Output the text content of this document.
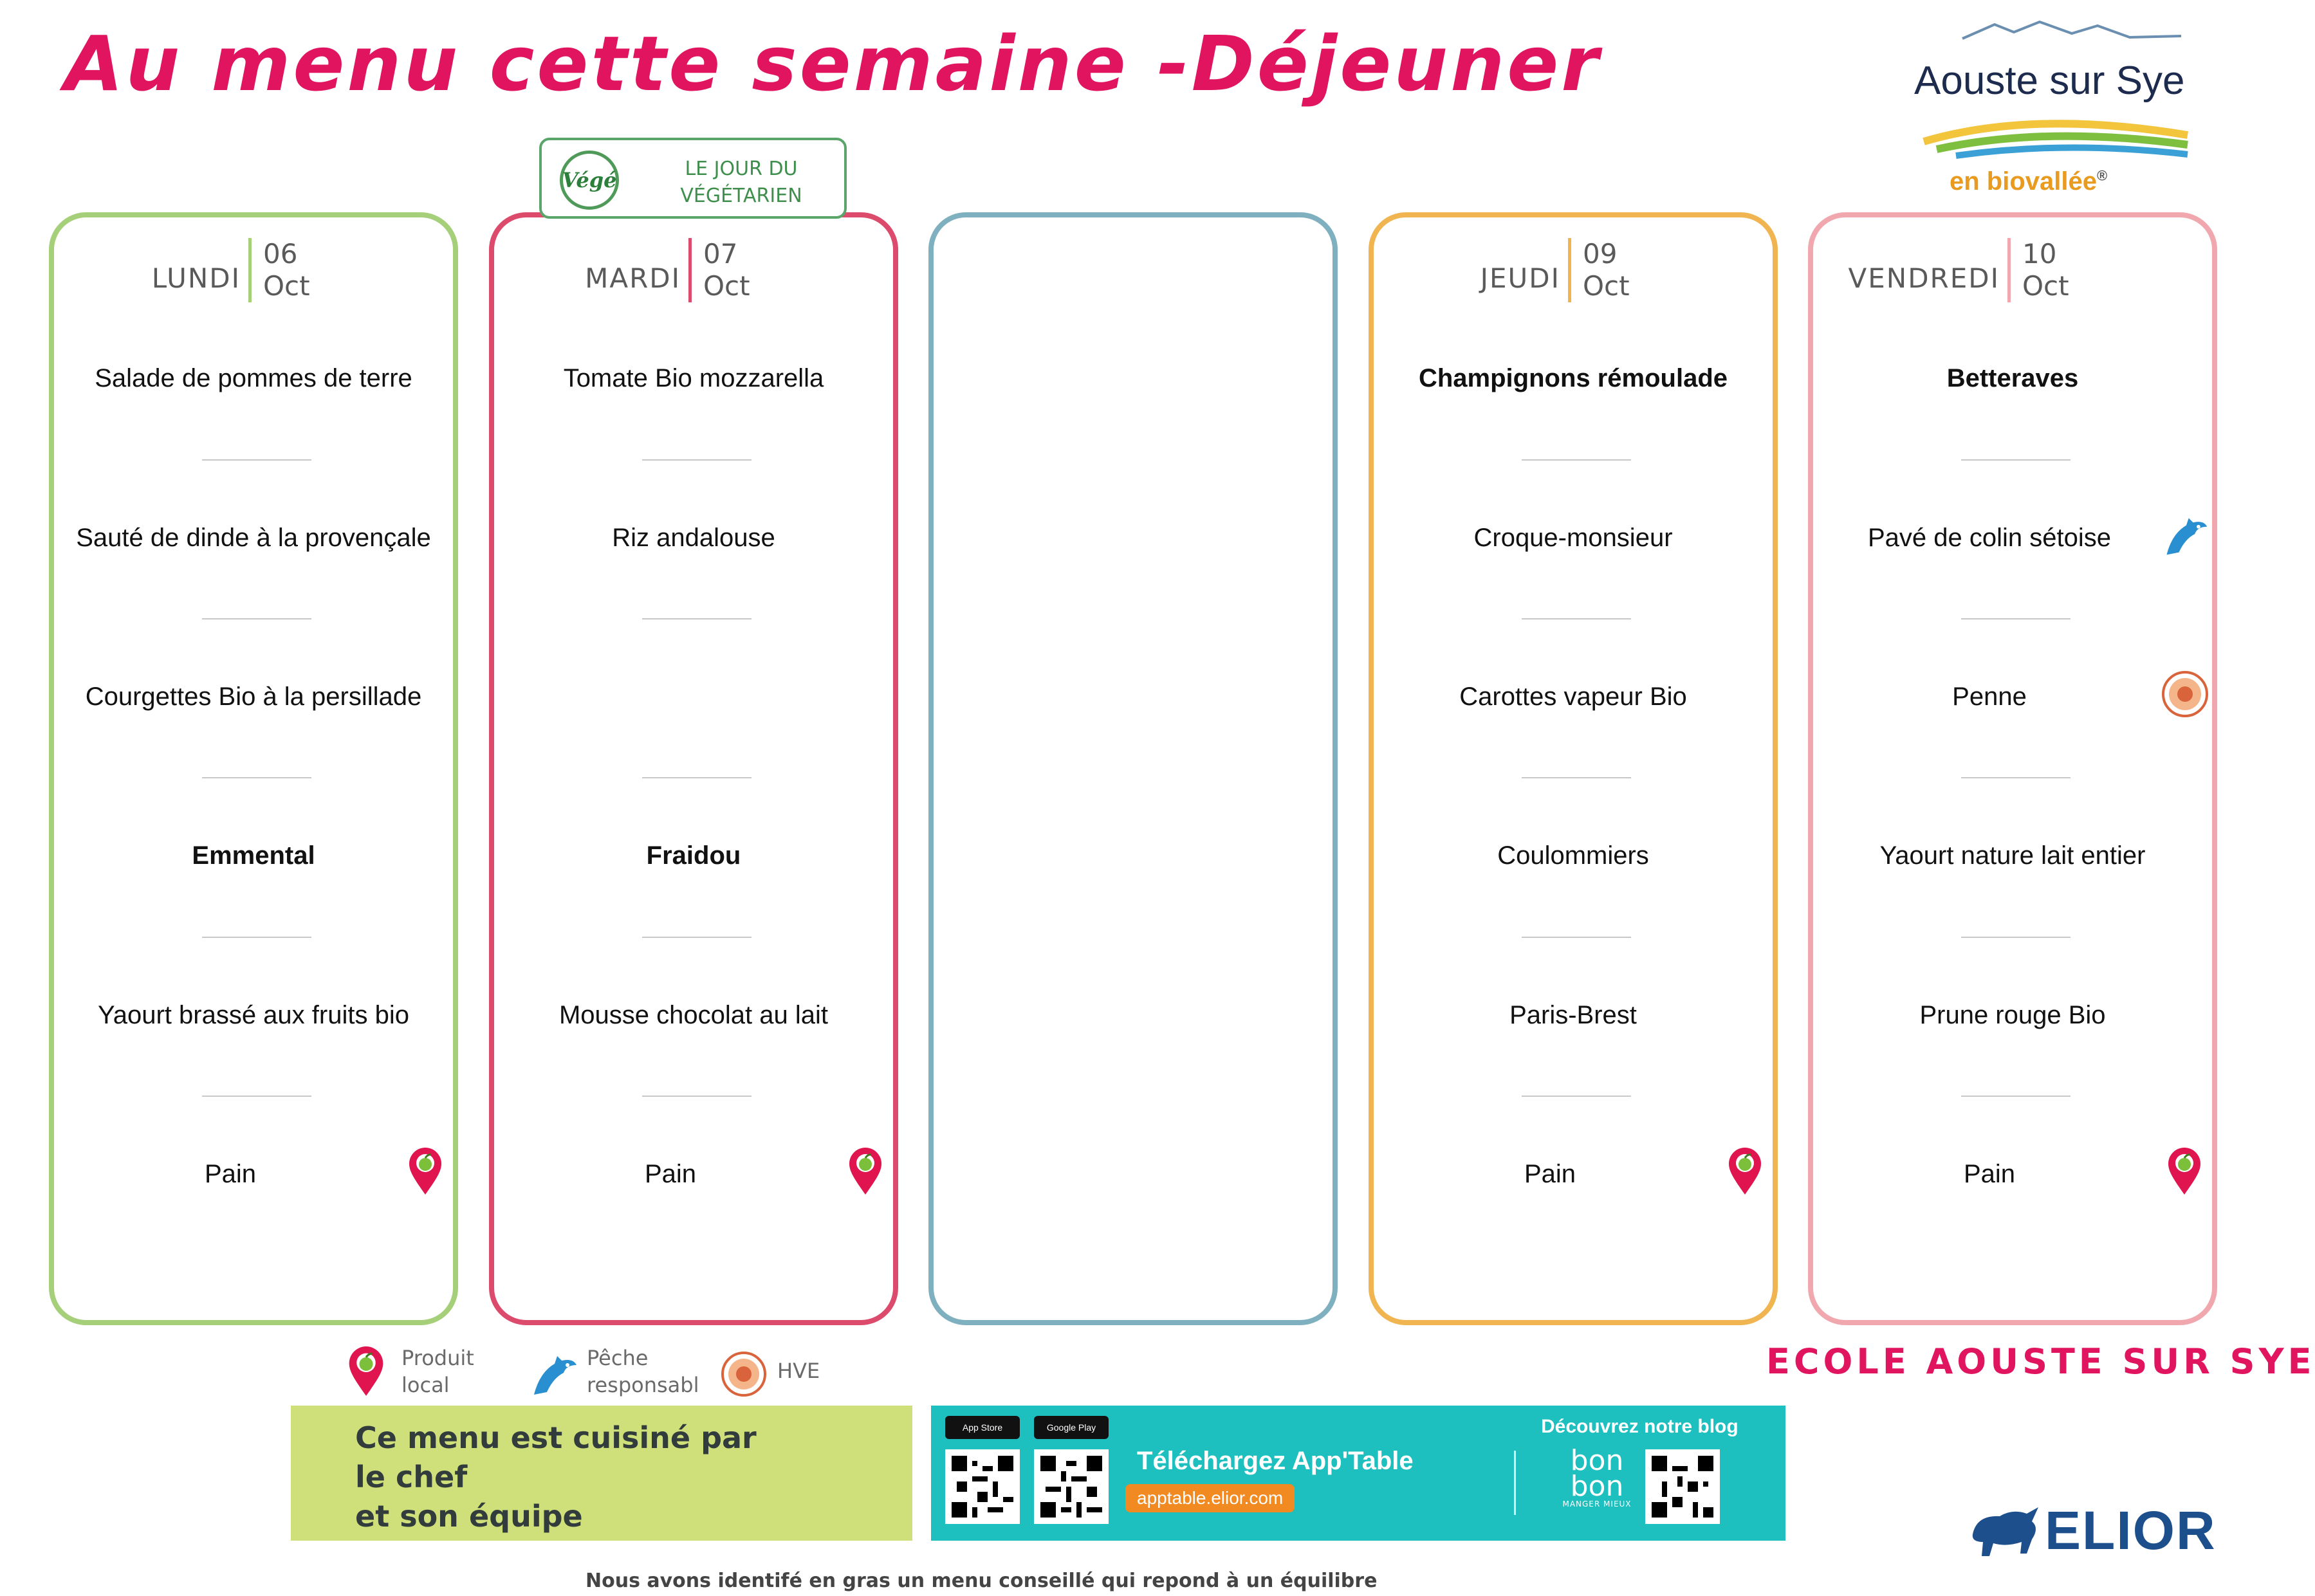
Au menu cette semaine -Déjeuner	Aouste sur Sye
en biovallée®
Végé	LE JOUR DU
VÉGÉTARIEN
LUNDI
06
Oct
Salade de pommes de terre
Sauté de dinde à la provençale
Courgettes Bio à la persillade
Emmental
Yaourt brassé aux fruits bio
Pain
MARDI
07
Oct
Tomate Bio mozzarella
Riz andalouse
Fraidou
Mousse chocolat au lait
Pain
JEUDI
09
Oct
Champignons rémoulade
Croque-monsieur
Carottes vapeur Bio
Coulommiers
Paris-Brest
Pain
VENDREDI
10
Oct
Betteraves
Pavé de colin sétoise
Penne
Yaourt nature lait entier
Prune rouge Bio
Pain
Produit
local
Pêche
responsabl
HVE	ECOLE AOUSTE SUR SYE
Ce menu est cuisiné par
le chef
et son équipe
App Store	Google Play
Téléchargez App'Table
apptable.elior.com
Découvrez notre blog
bon
bon
MANGER MIEUX
Nous avons identifé en gras un menu conseillé qui repond à un équilibre
ELIOR
